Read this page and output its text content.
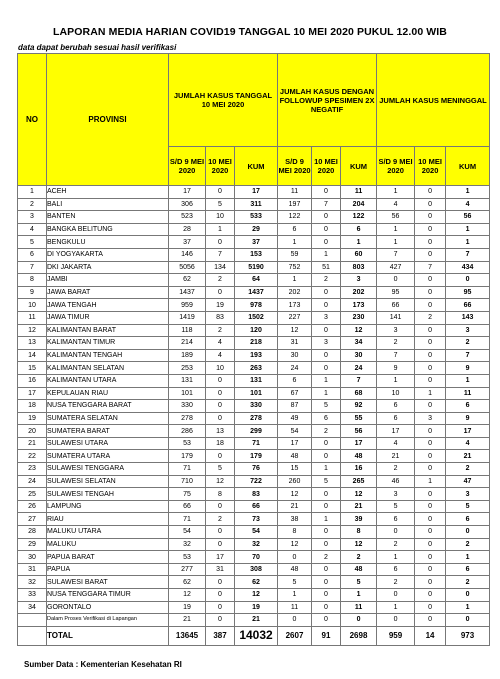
LAPORAN MEDIA HARIAN COVID19 TANGGAL 10 MEI 2020 PUKUL 12.00 WIB
data dapat berubah sesuai hasil verifikasi
NO	PROVINSI	JUMLAH KASUS TANGGAL 10 MEI 2020			JUMLAH KASUS DENGAN FOLLOWUP SPESIMEN 2X NEGATIF			JUMLAH KASUS MENINGGAL		
		S/D 9 MEI 2020	10 MEI 2020	KUM	S/D 9 MEI 2020	10 MEI 2020	KUM	S/D 9 MEI 2020	10 MEI 2020	KUM
1	ACEH	17	0	17	11	0	11	1	0	1
2	BALI	306	5	311	197	7	204	4	0	4
3	BANTEN	523	10	533	122	0	122	56	0	56
4	BANGKA BELITUNG	28	1	29	6	0	6	1	0	1
5	BENGKULU	37	0	37	1	0	1	1	0	1
6	DI YOGYAKARTA	146	7	153	59	1	60	7	0	7
7	DKI JAKARTA	5056	134	5190	752	51	803	427	7	434
8	JAMBI	62	2	64	1	2	3	0	0	0
9	JAWA BARAT	1437	0	1437	202	0	202	95	0	95
10	JAWA TENGAH	959	19	978	173	0	173	66	0	66
11	JAWA TIMUR	1419	83	1502	227	3	230	141	2	143
12	KALIMANTAN BARAT	118	2	120	12	0	12	3	0	3
13	KALIMANTAN TIMUR	214	4	218	31	3	34	2	0	2
14	KALIMANTAN TENGAH	189	4	193	30	0	30	7	0	7
15	KALIMANTAN SELATAN	253	10	263	24	0	24	9	0	9
16	KALIMANTAN UTARA	131	0	131	6	1	7	1	0	1
17	KEPULAUAN RIAU	101	0	101	67	1	68	10	1	11
18	NUSA TENGGARA BARAT	330	0	330	87	5	92	6	0	6
19	SUMATERA SELATAN	278	0	278	49	6	55	6	3	9
20	SUMATERA BARAT	286	13	299	54	2	56	17	0	17
21	SULAWESI UTARA	53	18	71	17	0	17	4	0	4
22	SUMATERA UTARA	179	0	179	48	0	48	21	0	21
23	SULAWESI TENGGARA	71	5	76	15	1	16	2	0	2
24	SULAWESI SELATAN	710	12	722	260	5	265	46	1	47
25	SULAWESI TENGAH	75	8	83	12	0	12	3	0	3
26	LAMPUNG	66	0	66	21	0	21	5	0	5
27	RIAU	71	2	73	38	1	39	6	0	6
28	MALUKU UTARA	54	0	54	8	0	8	0	0	0
29	MALUKU	32	0	32	12	0	12	2	0	2
30	PAPUA BARAT	53	17	70	0	2	2	1	0	1
31	PAPUA	277	31	308	48	0	48	6	0	6
32	SULAWESI BARAT	62	0	62	5	0	5	2	0	2
33	NUSA TENGGARA TIMUR	12	0	12	1	0	1	0	0	0
34	GORONTALO	19	0	19	11	0	11	1	0	1
	Dalam Proses Verifikasi di Lapangan	21	0	21	0	0	0	0	0	0
	TOTAL	13645	387	14032	2607	91	2698	959	14	973
Sumber Data : Kementerian Kesehatan RI
